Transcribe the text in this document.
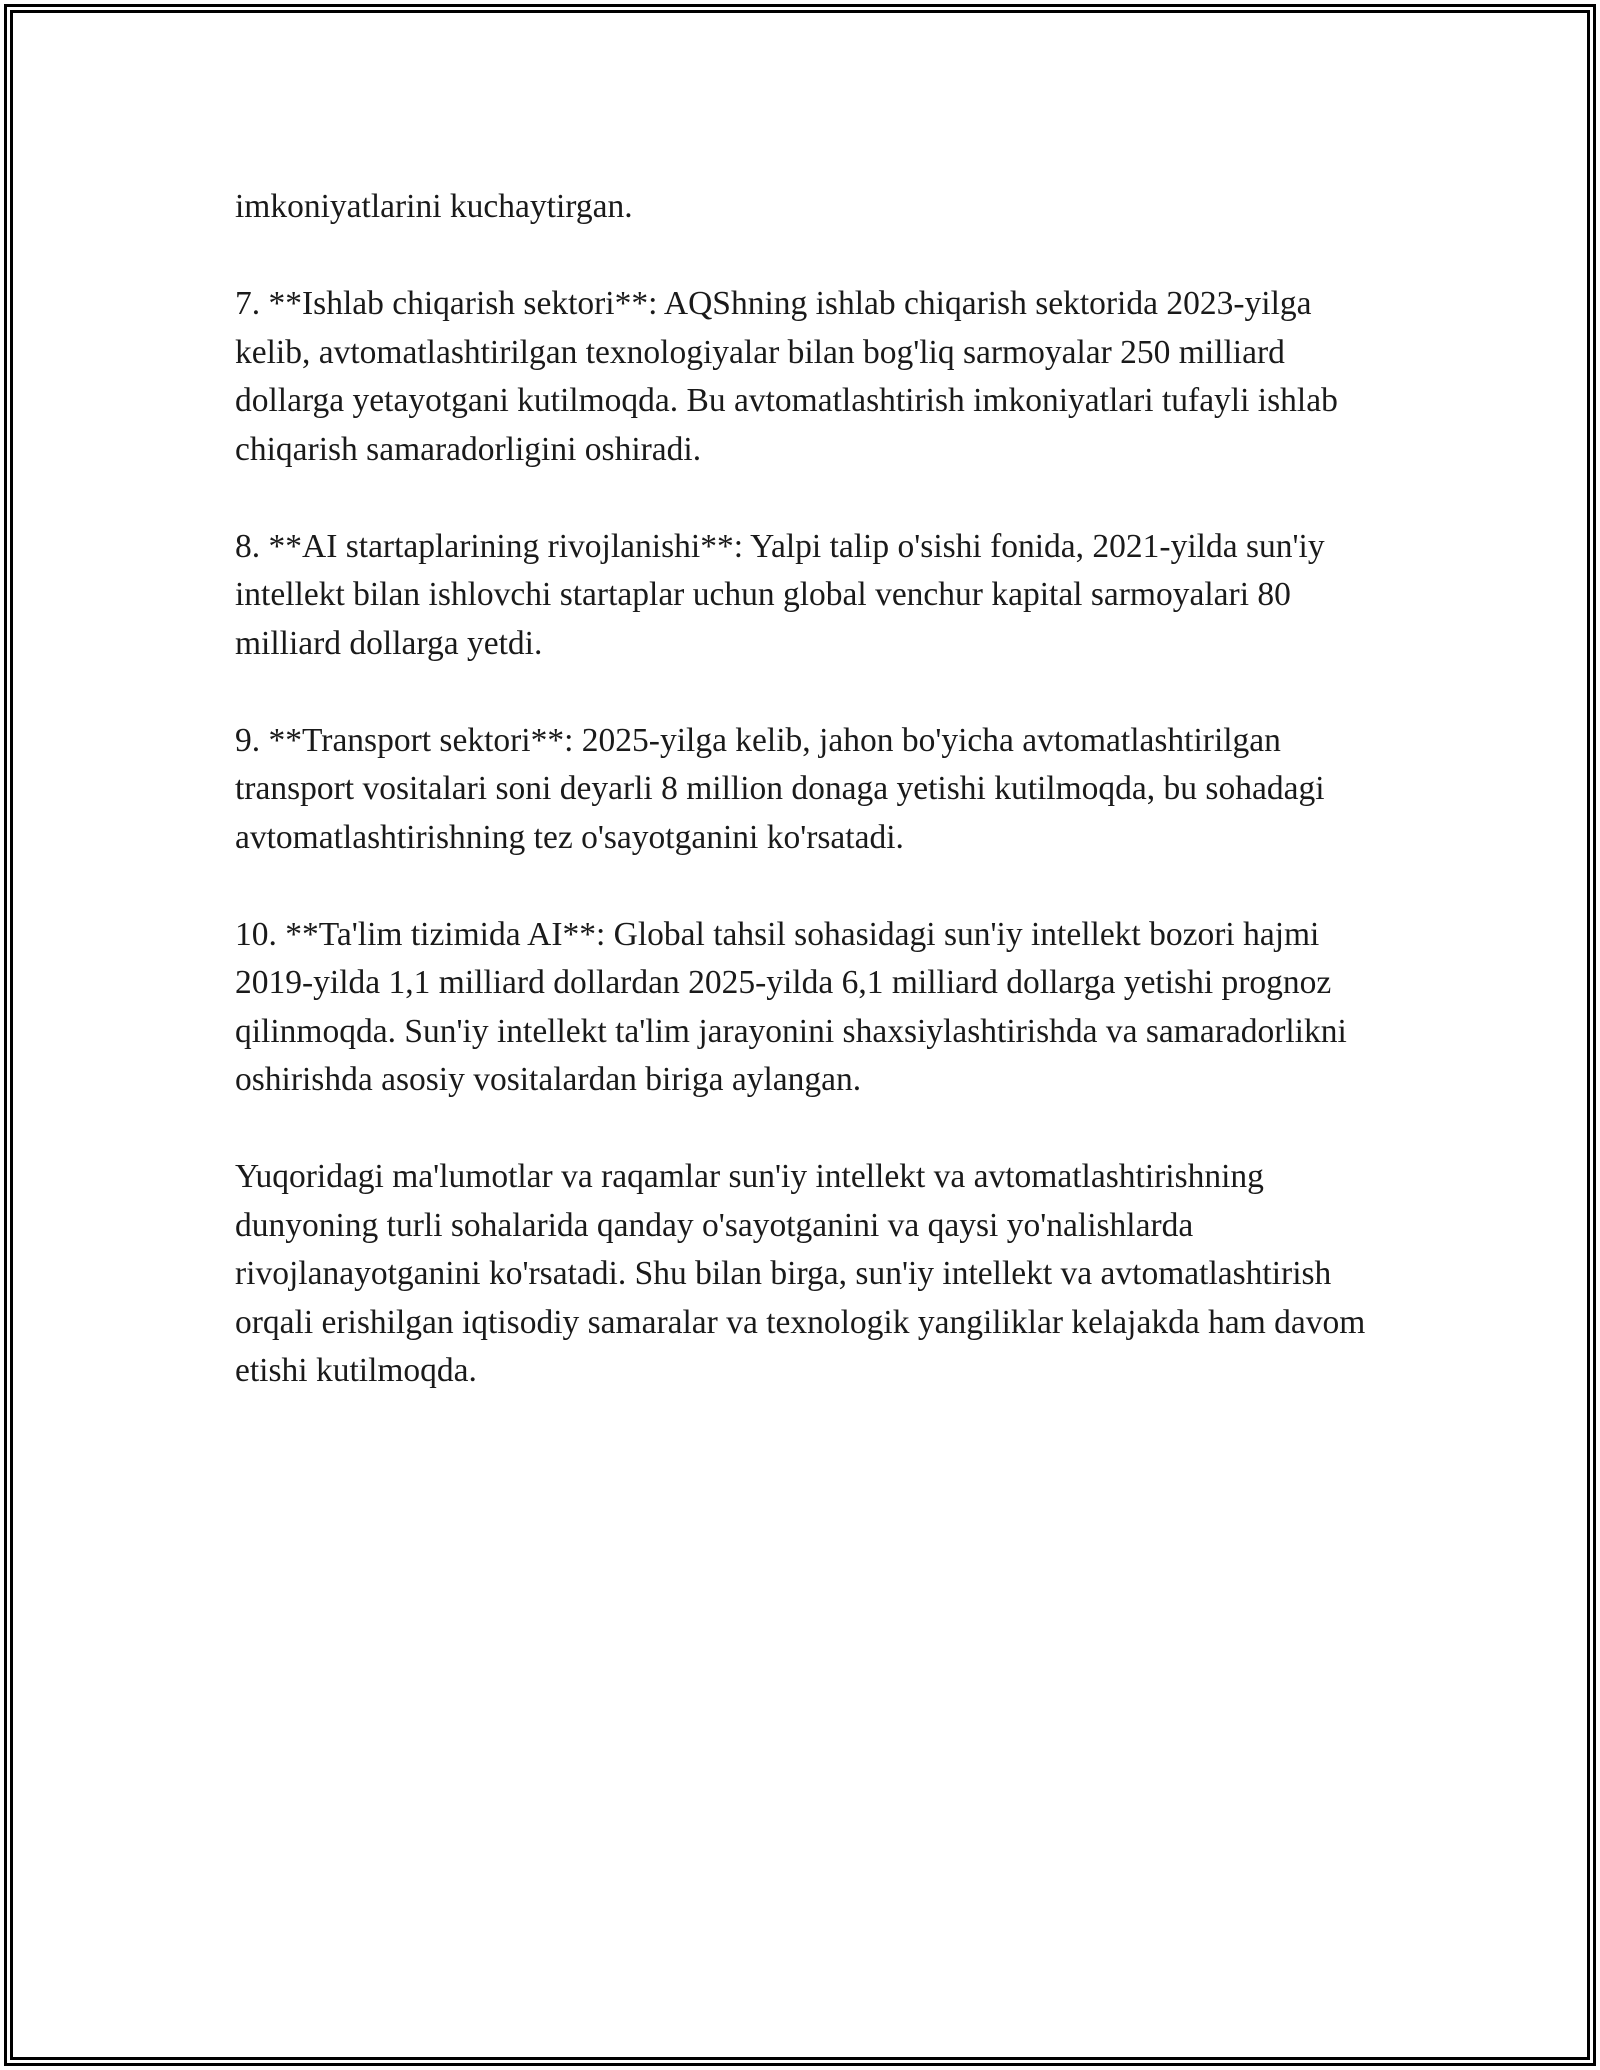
imkoniyatlarini kuchaytirgan.

7. **Ishlab chiqarish sektori**: AQShning ishlab chiqarish sektorida 2023-yilga kelib, avtomatlashtirilgan texnologiyalar bilan bog'liq sarmoyalar 250 milliard dollarga yetayotgani kutilmoqda. Bu avtomatlashtirish imkoniyatlari tufayli ishlab chiqarish samaradorligini oshiradi.

8. **AI startaplarining rivojlanishi**: Yalpi talip o'sishi fonida, 2021-yilda sun'iy intellekt bilan ishlovchi startaplar uchun global venchur kapital sarmoyalari 80 milliard dollarga yetdi.

9. **Transport sektori**: 2025-yilga kelib, jahon bo'yicha avtomatlashtirilgan transport vositalari soni deyarli 8 million donaga yetishi kutilmoqda, bu sohadagi avtomatlashtirishning tez o'sayotganini ko'rsatadi.

10. **Ta'lim tizimida AI**: Global tahsil sohasidagi sun'iy intellekt bozori hajmi 2019-yilda 1,1 milliard dollardan 2025-yilda 6,1 milliard dollarga yetishi prognoz qilinmoqda. Sun'iy intellekt ta'lim jarayonini shaxsiylashtirishda va samaradorlikni oshirishda asosiy vositalardan biriga aylangan.

Yuqoridagi ma'lumotlar va raqamlar sun'iy intellekt va avtomatlashtirishning dunyoning turli sohalarida qanday o'sayotganini va qaysi yo'nalishlarda rivojlanayotganini ko'rsatadi. Shu bilan birga, sun'iy intellekt va avtomatlashtirish orqali erishilgan iqtisodiy samaralar va texnologik yangiliklar kelajakda ham davom etishi kutilmoqda.
